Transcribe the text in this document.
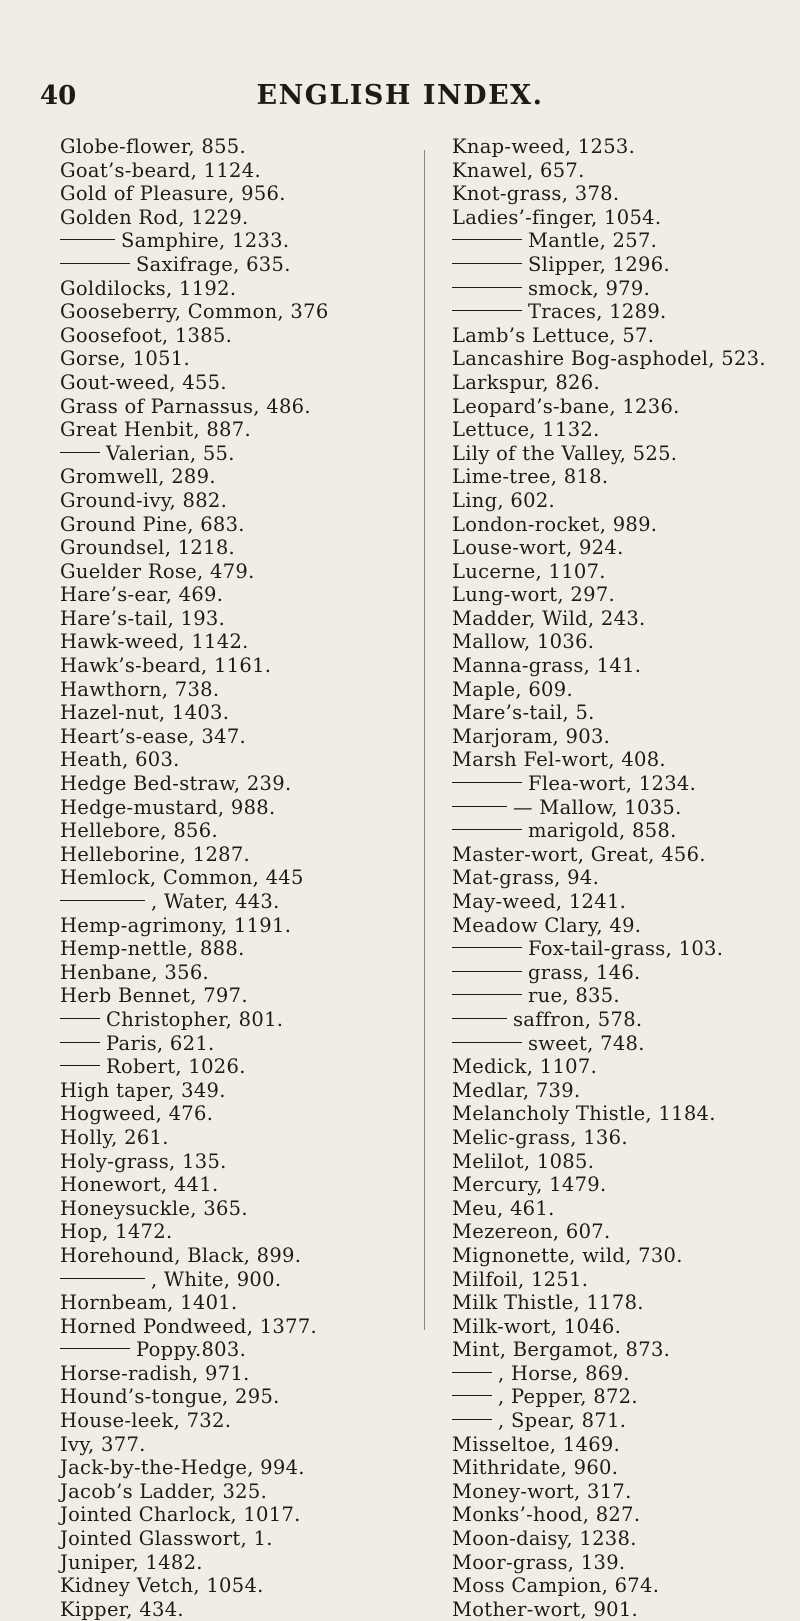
ENGLISH INDEX.
40
Globe-flower, 855.
Goat’s-beard, 1124.
Gold of Pleasure, 956.
Golden Rod, 1229.
Samphire, 1233.
Saxifrage, 635.
Goldilocks, 1192.
Gooseberry, Common, 376
Goosefoot, 1385.
Gorse, 1051.
Gout-weed, 455.
Grass of Parnassus, 486.
Great Henbit, 887.
Valerian, 55.
Gromwell, 289.
Ground-ivy, 882.
Ground Pine, 683.
Groundsel, 1218.
Guelder Rose, 479.
Hare’s-ear, 469.
Hare’s-tail, 193.
Hawk-weed, 1142.
Hawk’s-beard, 1161.
Hawthorn, 738.
Hazel-nut, 1403.
Heart’s-ease, 347.
Heath, 603.
Hedge Bed-straw, 239.
Hedge-mustard, 988.
Hellebore, 856.
Helleborine, 1287.
Hemlock, Common, 445
, Water, 443.
Hemp-agrimony, 1191.
Hemp-nettle, 888.
Henbane, 356.
Herb Bennet, 797.
Christopher, 801.
Paris, 621.
Robert, 1026.
High taper, 349.
Hogweed, 476.
Holly, 261.
Holy-grass, 135.
Honewort, 441.
Honeysuckle, 365.
Hop, 1472.
Horehound, Black, 899.
, White, 900.
Hornbeam, 1401.
Horned Pondweed, 1377.
Poppy.803.
Horse-radish, 971.
Hound’s-tongue, 295.
House-leek, 732.
Ivy, 377.
Jack-by-the-Hedge, 994.
Jacob’s Ladder, 325.
Jointed Charlock, 1017.
Jointed Glasswort, 1.
Juniper, 1482.
Kidney Vetch, 1054.
Kipper, 434.
Knap-weed, 1253.
Knawel, 657.
Knot-grass, 378.
Ladies’-finger, 1054.
Mantle, 257.
Slipper, 1296.
smock, 979.
Traces, 1289.
Lamb’s Lettuce, 57.
Lancashire Bog-asphodel, 523.
Larkspur, 826.
Leopard’s-bane, 1236.
Lettuce, 1132.
Lily of the Valley, 525.
Lime-tree, 818.
Ling, 602.
London-rocket, 989.
Louse-wort, 924.
Lucerne, 1107.
Lung-wort, 297.
Madder, Wild, 243.
Mallow, 1036.
Manna-grass, 141.
Maple, 609.
Mare’s-tail, 5.
Marjoram, 903.
Marsh Fel-wort, 408.
Flea-wort, 1234.
— Mallow, 1035.
marigold, 858.
Master-wort, Great, 456.
Mat-grass, 94.
May-weed, 1241.
Meadow Clary, 49.
Fox-tail-grass, 103.
grass, 146.
rue, 835.
saffron, 578.
sweet, 748.
Medick, 1107.
Medlar, 739.
Melancholy Thistle, 1184.
Melic-grass, 136.
Melilot, 1085.
Mercury, 1479.
Meu, 461.
Mezereon, 607.
Mignonette, wild, 730.
Milfoil, 1251.
Milk Thistle, 1178.
Milk-wort, 1046.
Mint, Bergamot, 873.
, Horse, 869.
, Pepper, 872.
, Spear, 871.
Misseltoe, 1469.
Mithridate, 960.
Money-wort, 317.
Monks’-hood, 827.
Moon-daisy, 1238.
Moor-grass, 139.
Moss Campion, 674.
Mother-wort, 901.
